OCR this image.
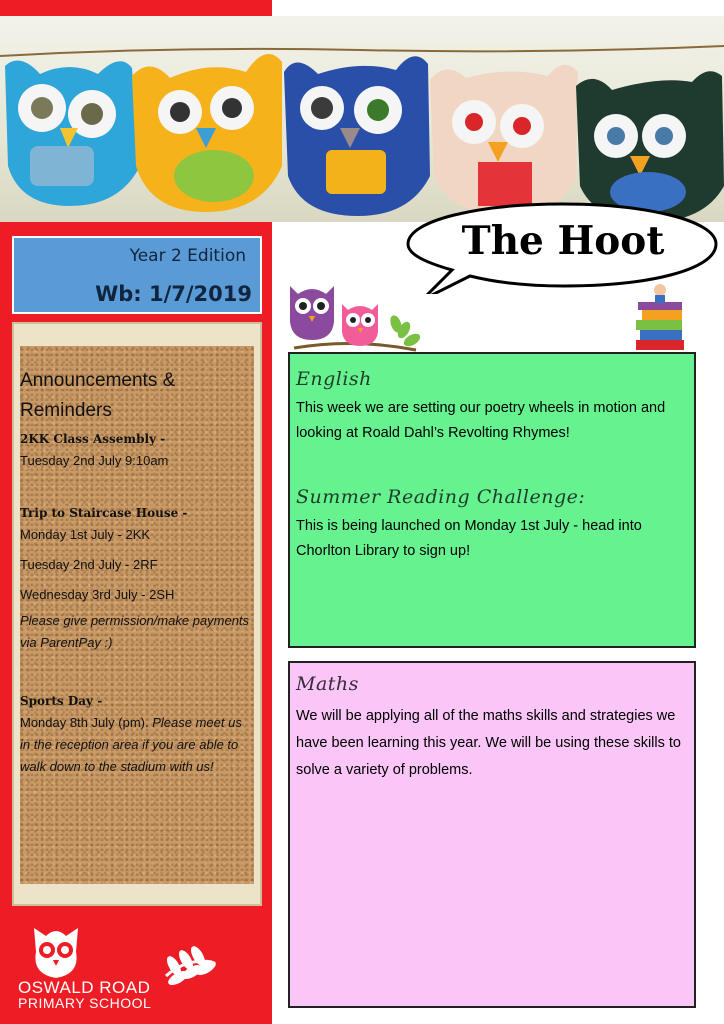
Year 2 Edition
Wb: 1/7/2019
Announcements & Reminders
2KK Class Assembly -
Tuesday 2nd July 9:10am
Trip to Staircase House -
Monday 1st July - 2KK
Tuesday 2nd July - 2RF
Wednesday 3rd July - 2SH
Please give permission/make payments via ParentPay :)
Sports Day -
Monday 8th July (pm). Please meet us in the reception area if you are able to walk down to the stadium with us!
OSWALD ROAD
PRIMARY SCHOOL
The Hoot
English
This week we are setting our poetry wheels in motion and looking at Roald Dahl’s Revolting Rhymes!
Summer Reading Challenge:
This is being launched on Monday 1st July - head into Chorlton Library to sign up!
Maths
We will be applying all of the maths skills and strategies we have been learning this year. We will be using these skills to solve a variety of problems.
